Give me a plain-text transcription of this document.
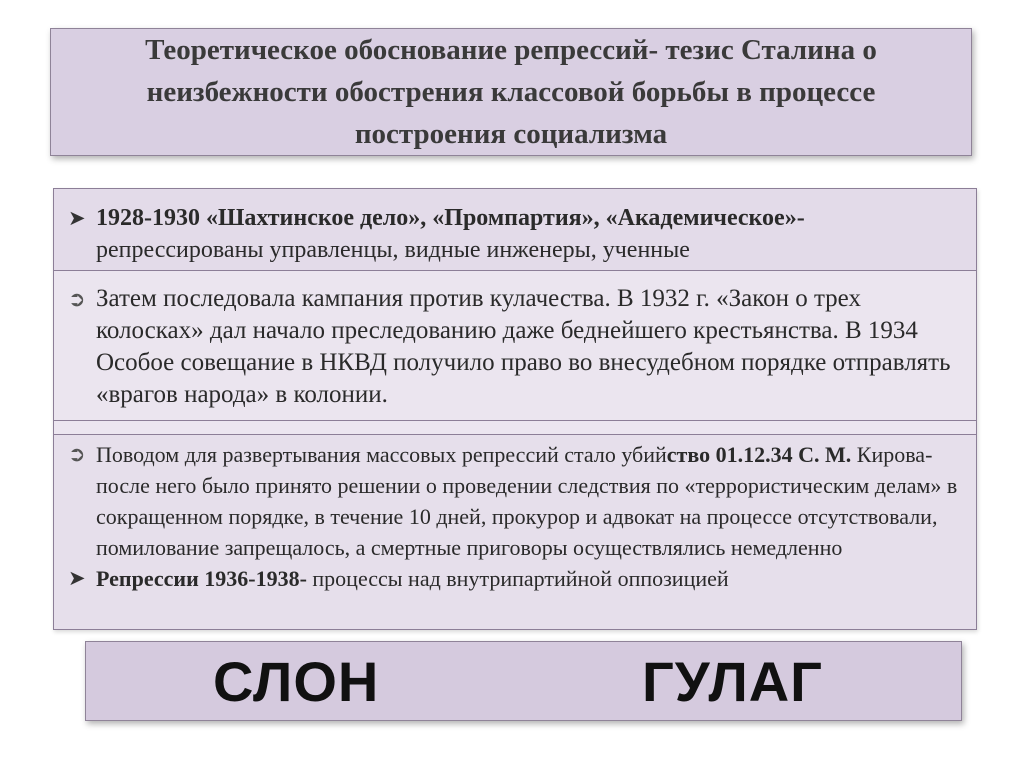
Теоретическое обоснование репрессий- тезис Сталина о неизбежности обострения классовой борьбы в процессе построения социализма
➤ 1928-1930 «Шахтинское дело», «Промпартия», «Академическое»- репрессированы управленцы, видные инженеры, ученные
➲ Затем последовала кампания против кулачества. В 1932 г. «Закон о трех колосках» дал начало преследованию даже беднейшего крестьянства. В 1934 Особое совещание в НКВД получило право во внесудебном порядке отправлять «врагов народа» в колонии.
➲ Поводом для развертывания массовых репрессий стало убийство 01.12.34 С. М. Кирова-после него было принято решении о проведении следствия по «террористическим делам» в сокращенном порядке, в течение 10 дней, прокурор и адвокат на процессе отсутствовали, помилование запрещалось, а смертные приговоры осуществлялись немедленно
➤ Репрессии 1936-1938- процессы над внутрипартийной оппозицией
СЛОН	ГУЛАГ
